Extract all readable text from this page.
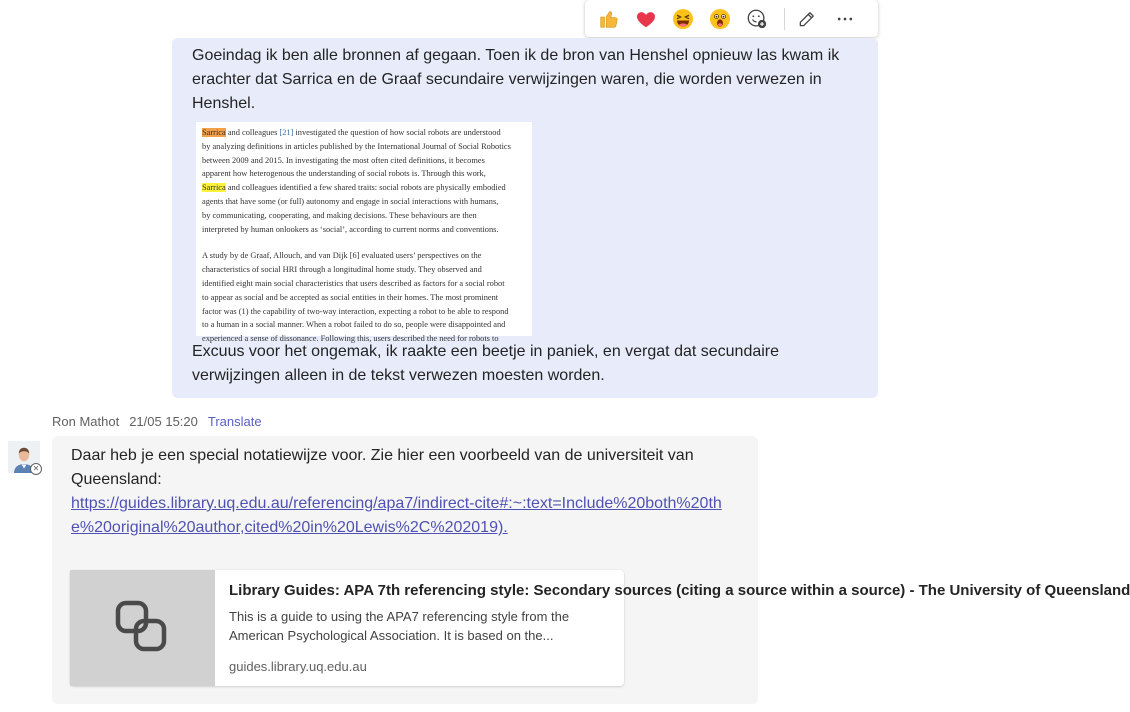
Goeindag ik ben alle bronnen af gegaan. Toen ik de bron van Henshel opnieuw las kwam ik erachter dat Sarrica en de Graaf secundaire verwijzingen waren, die worden verwezen in Henshel.

Sarrica and colleagues [21] investigated the question of how social robots are understood
by analyzing definitions in articles published by the International Journal of Social Robotics
between 2009 and 2015. In investigating the most often cited definitions, it becomes
apparent how heterogenous the understanding of social robots is. Through this work,
Sarrica and colleagues identified a few shared traits: social robots are physically embodied
agents that have some (or full) autonomy and engage in social interactions with humans,
by communicating, cooperating, and making decisions. These behaviours are then
interpreted by human onlookers as ‘social’, according to current norms and conventions.
A study by de Graaf, Allouch, and van Dijk [6] evaluated users’ perspectives on the
characteristics of social HRI through a longitudinal home study. They observed and
identified eight main social characteristics that users described as factors for a social robot
to appear as social and be accepted as social entities in their homes. The most prominent
factor was (1) the capability of two-way interaction, expecting a robot to be able to respond
to a human in a social manner. When a robot failed to do so, people were disappointed and
experienced a sense of dissonance. Following this, users described the need for robots to

Excuus voor het ongemak, ik raakte een beetje in paniek, en vergat dat secundaire verwijzingen alleen in de tekst verwezen moesten worden.

Ron Mathot 21/05 15:20 Translate
✕

Daar heb je een special notatiewijze voor. Zie hier een voorbeeld van de universiteit van Queensland:

https://guides.library.uq.edu.au/referencing/apa7/indirect-cite#:~:text=Include%20both%20the%20original%20author,cited%20in%20Lewis%2C%202019).

Library Guides: APA 7th referencing style: Secondary sources (citing a source within a source) - The University of Queensland
This is a guide to using the APA7 referencing style from the American Psychological Association. It is based on the...
guides.library.uq.edu.au
